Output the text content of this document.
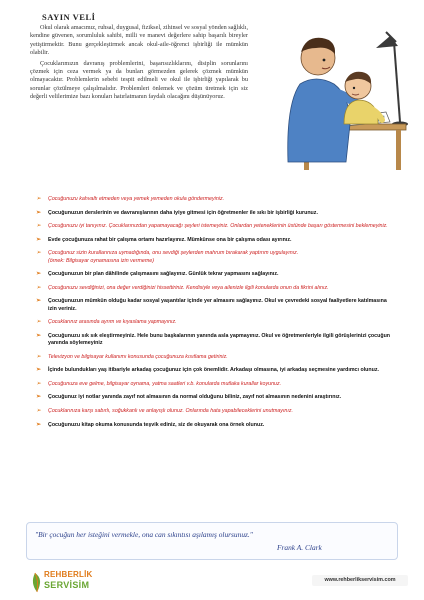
SAYIN VELİ

Okul olarak amacımız, ruhsal, duygusal, fiziksel, zihinsel ve sosyal yönden sağlıklı, kendine güvenen, sorumluluk sahibi, milli ve manevi değerlere sahip başarılı bireyler yetiştirmektir. Bunu gerçekleştirmek ancak okul-aile-öğrenci işbirliği ile mümkün olabilir.

Çocuklarımızın davranış problemlerini, başarısızlıklarını, disiplin sorunlarını çözmek için ceza vermek ya da bunları görmezden gelerek çözmek mümkün olmayacaktır. Problemlerin sebebi tespit edilmeli ve okul ile işbirliği yapılarak bu sorunlar çözülmeye çalışılmalıdır. Problemleri önlemek ve çözüm üretmek için siz değerli velilerimize bazı konuları hatırlatmanın faydalı olacağını düşünüyoruz.

➢ Çocuğunuzu kahvaltı etmeden veya yemek yemeden okula göndermeyiniz.
➢ Çocuğunuzun derslerinin ve davranışlarının daha iyiye gitmesi için öğretmenler ile sıkı bir işbirliği kurunuz.
➢ Çocuğunuzu iyi tanıyınız. Çocuklarınızdan yapamayacağı şeyleri istemeyiniz. Onlardan yeteneklerinin üstünde başarı göstermesini beklemeyiniz.
➢ Evde çocuğunuza rahat bir çalışma ortamı hazırlayınız. Mümkünse ona bir çalışma odası ayırınız.
➢ Çocuğunuz sizin kurallarınıza uymadığında, onu sevdiği şeylerden mahrum bırakarak yaptırım uygulayınız.
(örnek: Bilgisayar oynamasına izin vermeme)
➢ Çocuğunuzun bir plan dâhilinde çalışmasını sağlayınız. Günlük tekrar yapmasını sağlayınız.
➢ Çocuğunuzu sevdiğinizi, ona değer verdiğinizi hissettiriniz. Kendisiyle veya ailenizle ilgili konularda onun da fikrini alınız.
➢ Çocuğunuzun mümkün olduğu kadar sosyal yaşantılar içinde yer almasını sağlayınız. Okul ve çevredeki sosyal faaliyetlere katılmasına izin veriniz.
➢ Çocuklarınız arasında ayrım ve kıyaslama yapmayınız.
➢ Çocuğunuzu sık sık eleştirmeyiniz. Hele bunu başkalarının yanında asla yapmayınız. Okul ve öğretmenleriyle ilgili görüşlerinizi çocuğun yanında söylemeyiniz
➢ Televizyon ve bilgisayar kullanımı konusunda çocuğunuza kısıtlama getiriniz.
➢ İçinde bulundukları yaş itibariyle arkadaş çocuğunuz için çok önemlidir. Arkadaşı olmasına, iyi arkadaş seçmesine yardımcı olunuz.
➢ Çocuğunuza eve gelme, bilgisayar oynama, yatma saatleri v.b. konularda mutlaka kurallar koyunuz.
➢ Çocuğunuz iyi notlar yanında zayıf not almasının da normal olduğunu biliniz, zayıf not almasının nedenini araştırınız.
➢ Çocuklarınıza karşı sabırlı, soğukkanlı ve anlayışlı olunuz. Onlarında hata yapabileceklerini unutmayınız.
➢ Çocuğunuzu kitap okuma konusunda teşvik ediniz, siz de okuyarak ona örnek olunuz.
"Bir çocuğun her isteğini vermekle, ona can sıkıntısı aşılamış olursunuz."
Frank A. Clark
REHBERLİK
SERVİSİM	www.rehberlikservisim.com
